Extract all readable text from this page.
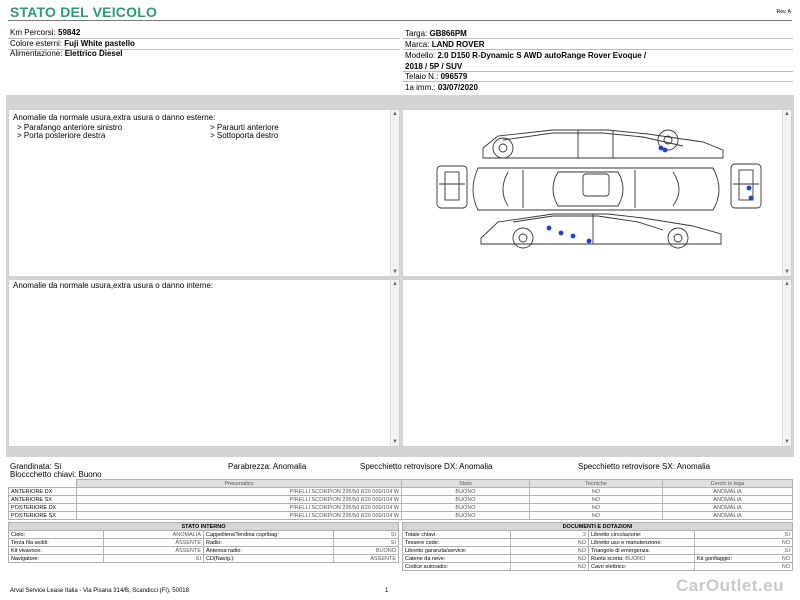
STATO DEL VEICOLO	Rev. A
Km Percorsi: 59842
Colore esterni: Fuji White pastello
Alimentazione: Elettrico Diesel
Targa: GB866PM
Marca: LAND ROVER
Modello: 2.0 D150 R-Dynamic S AWD autoRange Rover Evoque /
2018 / 5P / SUV
Telaio N.: 096579
1a imm.: 03/07/2020
Anomalie da normale usura,extra usura o danno esterne:
> Parafango anteriore sinistro	> Paraurti anteriore
> Porta posteriore destra	> Sottoporta destro
▲
▼
▲
▼
Anomalie da normale usura,extra usura o danno interne:	▲
▼
▲
▼
Grandinata: Si	Parabrezza: Anomalia	Specchietto retrovisore DX: Anomalia	Specchietto retrovisore SX: Anomalia
Bloccchetto chiavi: Buono
	Pneumatico	Stato	Tecniche	Cerchi in lega
ANTERIORE DX	PIRELLI SCORPION 235/50 R20 000/104 W	BUONO	NO	ANOMALIA
ANTERIORE SX	PIRELLI SCORPION 235/50 R20 000/104 W	BUONO	NO	ANOMALIA
POSTERIORE DX	PIRELLI SCORPION 235/50 R20 000/104 W	BUONO	NO	ANOMALIA
POSTERIORE SX	PIRELLI SCORPION 235/50 R20 000/104 W	BUONO	NO	ANOMALIA
STATO INTERNO			
Cielo:	ANOMALIA	Cappelliera/Tendina copribag:	SI
Terza fila sedili:	ASSENTE	Radio:	SI
Kit vivavoce:	ASSENTE	Antenna radio:	BUONO
Navigatore:	SI	CD(Navig.):	ASSENTE
DOCUMENTI E DOTAZIONI			
Totale chiavi:	2	Libretto circolazione:	SI
Tessere code:	NO	Libretto uso e manutenzione:	NO
Libretto garanzia/service:	NO	Triangolo di emergenza:	SI
Catene da neve:	NO	Ruota scorta: BUONO	Kit gonfiaggio: NO

Codice autoradio:	NO	Cavo elettrico:	NO
Arval Service Lease Italia - Via Pisana 314/B, Scandicci (FI), 50018	1	CarOutlet.eu
